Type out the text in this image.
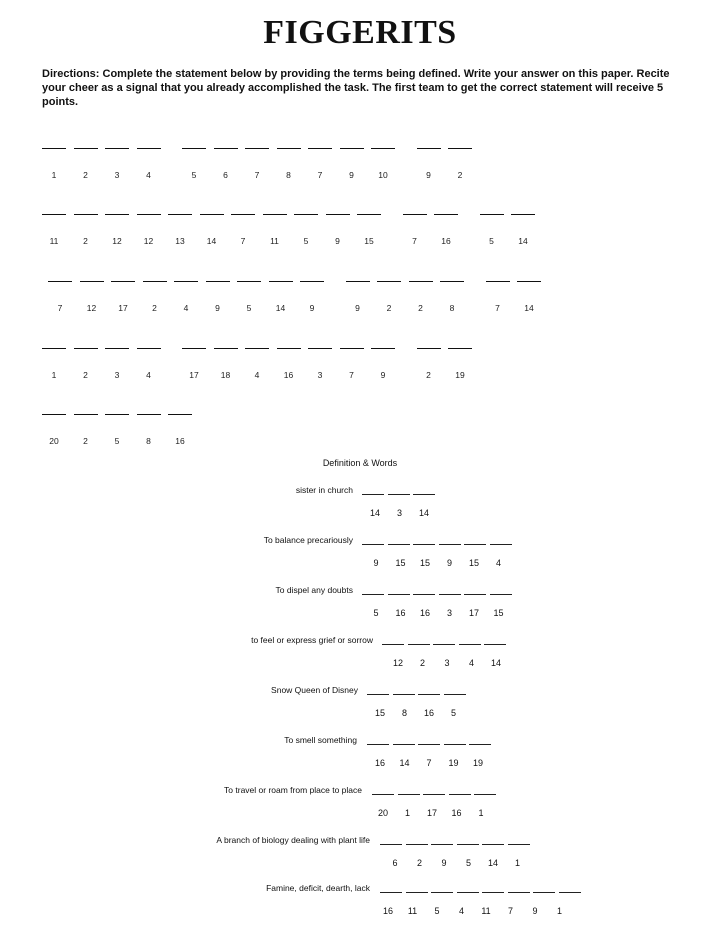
FIGGERITS
Directions: Complete the statement below by providing the terms being defined. Write your answer on this paper. Recite your cheer as a signal that you already accomplished the task. The first team to get the correct statement will receive 5 points.
1	2	3	4	5	6	7	8	7	9	10	9	2
11	2	12	12	13	14	7	11	5	9	15	7	16	5	14
7	12	17	2	4	9	5	14	9	9	2	2	8	7	14
1	2	3	4	17	18	4	16	3	7	9	2	19
20	2	5	8	16
Definition & Words
sister in church
14	3	14
To balance precariously
9	15	15	9	15	4
To dispel any doubts
5	16	16	3	17	15
to feel or express grief or sorrow
12	2	3	4	14
Snow Queen of Disney
15	8	16	5
To smell something
16	14	7	19	19
To travel or roam from place to place
20	1	17	16	1
A branch of biology dealing with plant life
6	2	9	5	14	1
Famine, deficit, dearth, lack
16	11	5	4	11	7	9	1
